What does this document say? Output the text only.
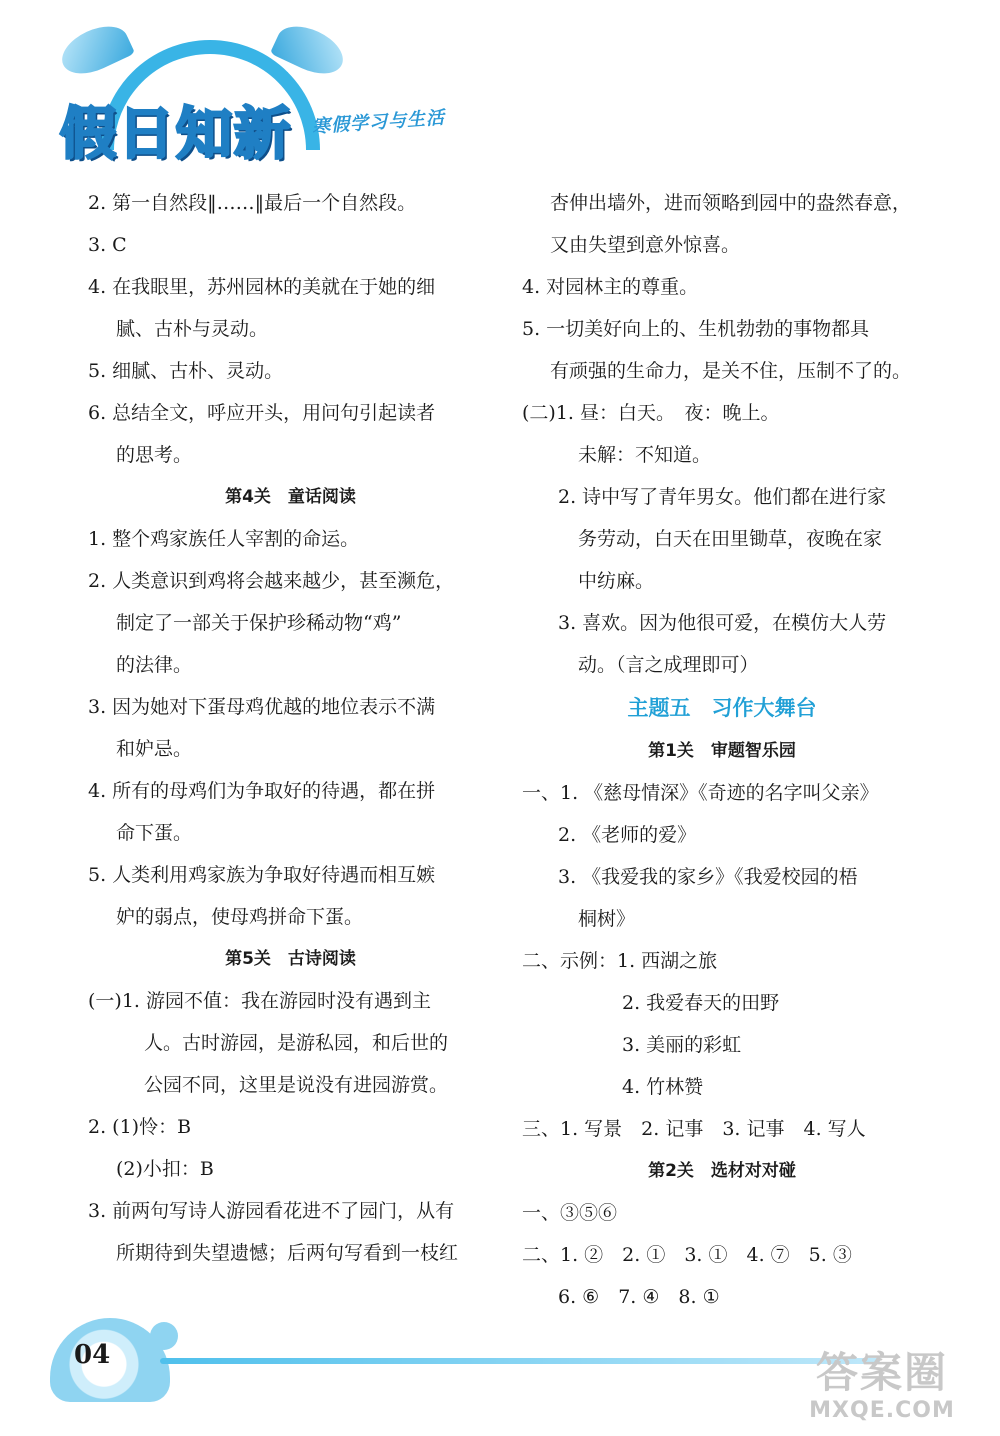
假日知新 寒假学习与生活
2. 第一自然段‖……‖最后一个自然段。
3. C
4. 在我眼里，苏州园林的美就在于她的细
腻、古朴与灵动。
5. 细腻、古朴、灵动。
6. 总结全文，呼应开头，用问句引起读者
的思考。
第4关　童话阅读
1. 整个鸡家族任人宰割的命运。
2. 人类意识到鸡将会越来越少，甚至濒危，
制定了一部关于保护珍稀动物“鸡”
的法律。
3. 因为她对下蛋母鸡优越的地位表示不满
和妒忌。
4. 所有的母鸡们为争取好的待遇，都在拼
命下蛋。
5. 人类利用鸡家族为争取好待遇而相互嫉
妒的弱点，使母鸡拼命下蛋。
第5关　古诗阅读
(一)1. 游园不值：我在游园时没有遇到主
人。古时游园，是游私园，和后世的
公园不同，这里是说没有进园游赏。
2. (1)怜：B
(2)小扣：B
3. 前两句写诗人游园看花进不了园门，从有
所期待到失望遗憾；后两句写看到一枝红
杏伸出墙外，进而领略到园中的盎然春意，
又由失望到意外惊喜。
4. 对园林主的尊重。
5. 一切美好向上的、生机勃勃的事物都具
有顽强的生命力，是关不住，压制不了的。
(二)1. 昼：白天。　夜：晚上。
未解：不知道。
2. 诗中写了青年男女。他们都在进行家
务劳动，白天在田里锄草，夜晚在家
中纺麻。
3. 喜欢。因为他很可爱，在模仿大人劳
动。（言之成理即可）
主题五　习作大舞台
第1关　审题智乐园
一、1. 《慈母情深》《奇迹的名字叫父亲》
2. 《老师的爱》
3. 《我爱我的家乡》《我爱校园的梧
桐树》
二、示例：1. 西湖之旅
2. 我爱春天的田野
3. 美丽的彩虹
4. 竹林赞
三、1. 写景　2. 记事　3. 记事　4. 写人
第2关　选材对对碰
一、③⑤⑥
二、1. ②　2. ①　3. ①　4. ⑦　5. ③
6. ⑥　7. ④　8. ①
04	答案圈
MXQE.COM
